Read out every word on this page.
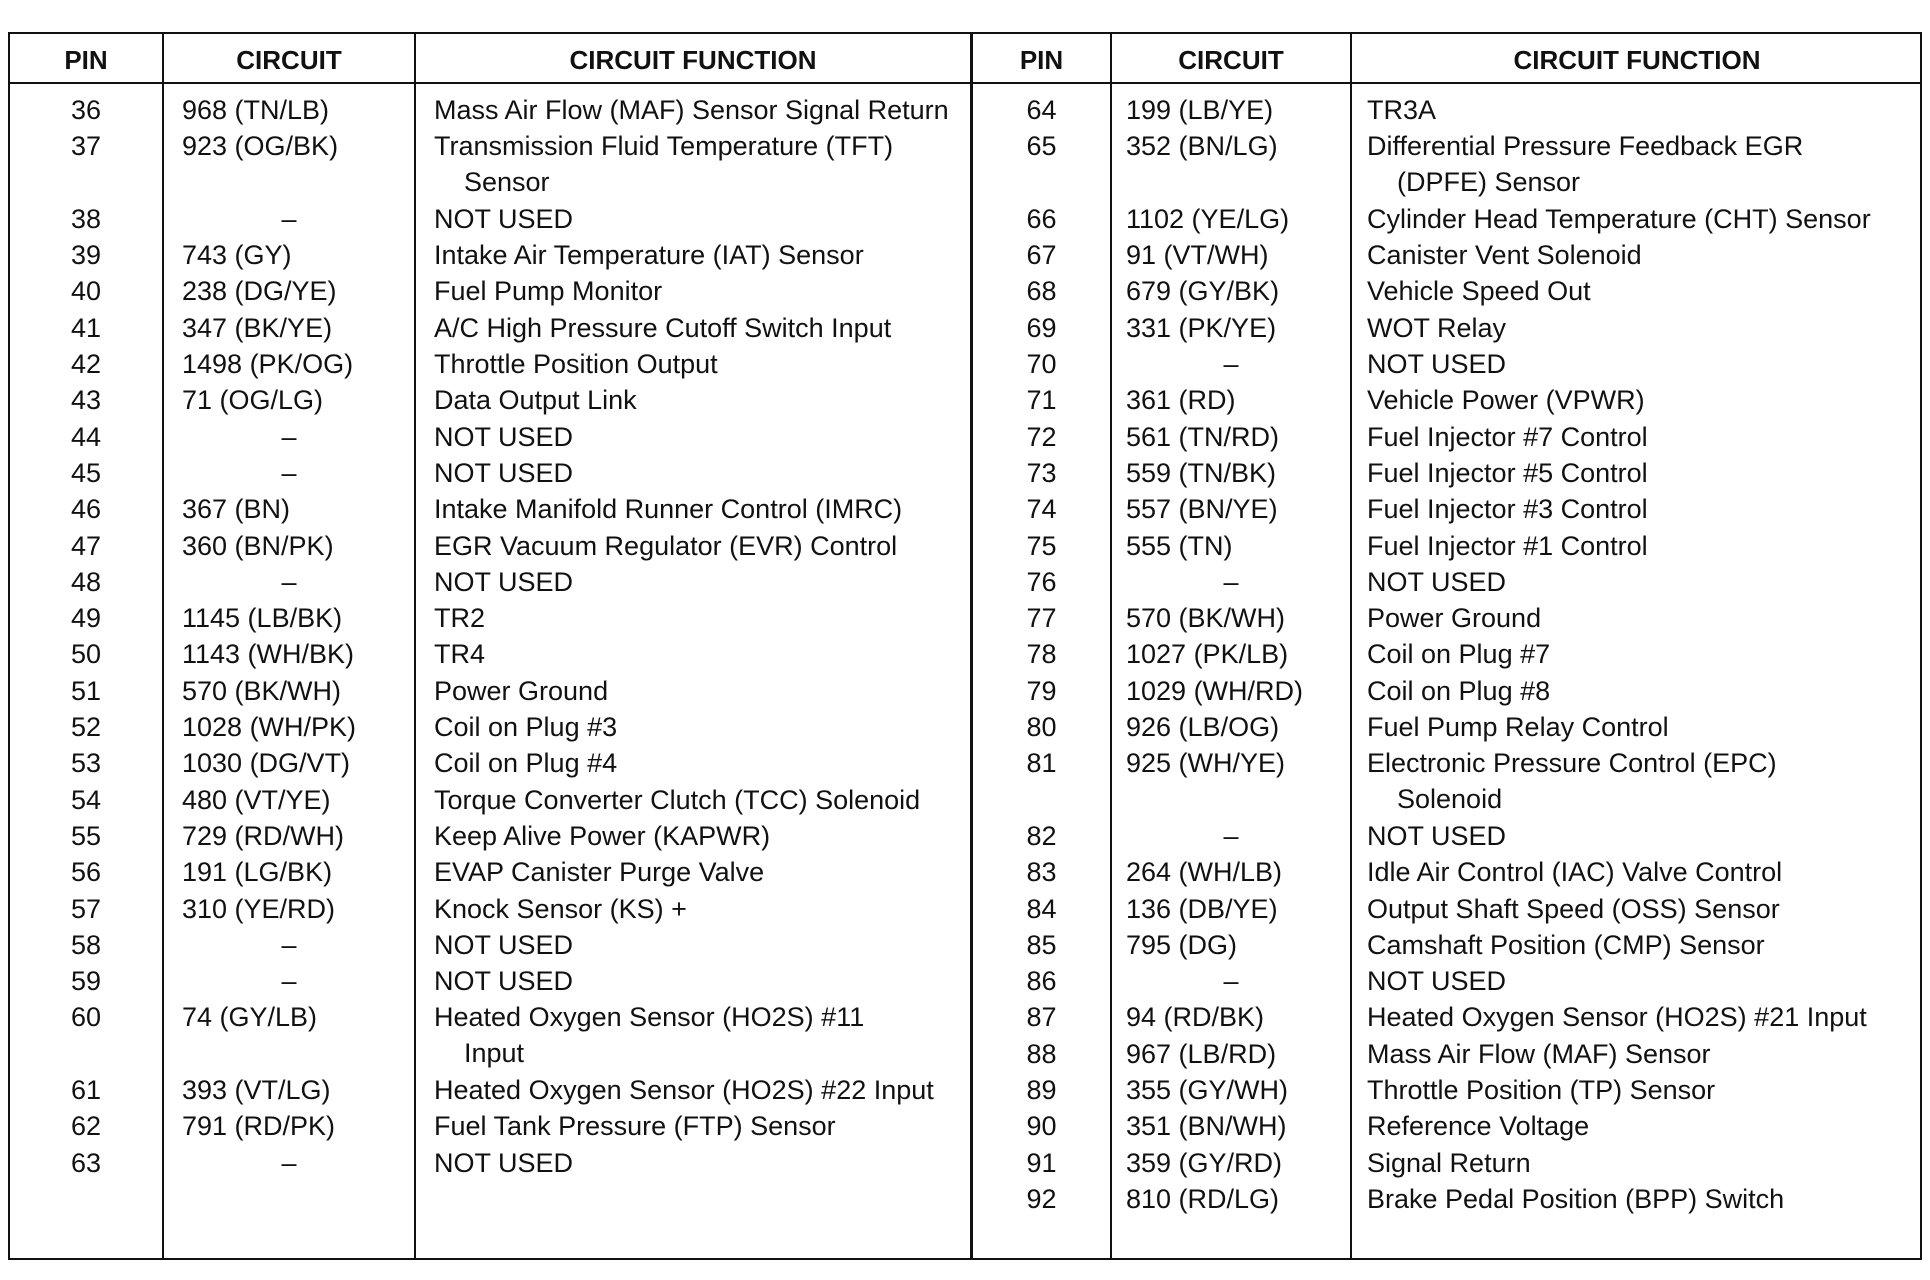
PIN	CIRCUIT	CIRCUIT FUNCTION	PIN	CIRCUIT	CIRCUIT FUNCTION
36	968 (TN/LB)	Mass Air Flow (MAF) Sensor Signal Return
37	923 (OG/BK)	Transmission Fluid Temperature (TFT)
Sensor
38	–	NOT USED
39	743 (GY)	Intake Air Temperature (IAT) Sensor
40	238 (DG/YE)	Fuel Pump Monitor
41	347 (BK/YE)	A/C High Pressure Cutoff Switch Input
42	1498 (PK/OG)	Throttle Position Output
43	71 (OG/LG)	Data Output Link
44	–	NOT USED
45	–	NOT USED
46	367 (BN)	Intake Manifold Runner Control (IMRC)
47	360 (BN/PK)	EGR Vacuum Regulator (EVR) Control
48	–	NOT USED
49	1145 (LB/BK)	TR2
50	1143 (WH/BK)	TR4
51	570 (BK/WH)	Power Ground
52	1028 (WH/PK)	Coil on Plug #3
53	1030 (DG/VT)	Coil on Plug #4
54	480 (VT/YE)	Torque Converter Clutch (TCC) Solenoid
55	729 (RD/WH)	Keep Alive Power (KAPWR)
56	191 (LG/BK)	EVAP Canister Purge Valve
57	310 (YE/RD)	Knock Sensor (KS) +
58	–	NOT USED
59	–	NOT USED
60	74 (GY/LB)	Heated Oxygen Sensor (HO2S) #11
Input
61	393 (VT/LG)	Heated Oxygen Sensor (HO2S) #22 Input
62	791 (RD/PK)	Fuel Tank Pressure (FTP) Sensor
63	–	NOT USED
64	199 (LB/YE)	TR3A
65	352 (BN/LG)	Differential Pressure Feedback EGR
(DPFE) Sensor
66	1102 (YE/LG)	Cylinder Head Temperature (CHT) Sensor
67	91 (VT/WH)	Canister Vent Solenoid
68	679 (GY/BK)	Vehicle Speed Out
69	331 (PK/YE)	WOT Relay
70	–	NOT USED
71	361 (RD)	Vehicle Power (VPWR)
72	561 (TN/RD)	Fuel Injector #7 Control
73	559 (TN/BK)	Fuel Injector #5 Control
74	557 (BN/YE)	Fuel Injector #3 Control
75	555 (TN)	Fuel Injector #1 Control
76	–	NOT USED
77	570 (BK/WH)	Power Ground
78	1027 (PK/LB)	Coil on Plug #7
79	1029 (WH/RD) Coil on Plug #8
80	926 (LB/OG)	Fuel Pump Relay Control
81	925 (WH/YE)	Electronic Pressure Control (EPC)
Solenoid
82	–	NOT USED
83	264 (WH/LB)	Idle Air Control (IAC) Valve Control
84	136 (DB/YE)	Output Shaft Speed (OSS) Sensor
85	795 (DG)	Camshaft Position (CMP) Sensor
86	–	NOT USED
87	94 (RD/BK)	Heated Oxygen Sensor (HO2S) #21 Input
88	967 (LB/RD)	Mass Air Flow (MAF) Sensor
89	355 (GY/WH)	Throttle Position (TP) Sensor
90	351 (BN/WH)	Reference Voltage
91	359 (GY/RD)	Signal Return
92	810 (RD/LG)	Brake Pedal Position (BPP) Switch
